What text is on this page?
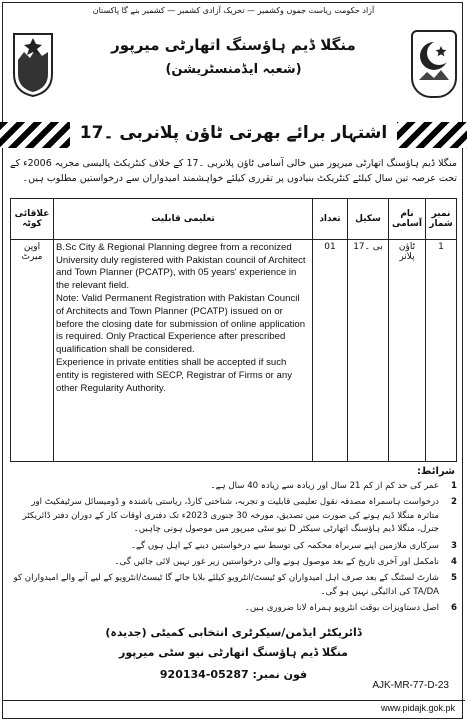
آزاد حکومت ریاست جموں وکشمیر — تحریک آزادی کشمیر — کشمیر بنے گا پاکستان
منگلا ڈیم ہاؤسنگ اتھارٹی میرپور
(شعبہ ایڈمنسٹریشن)
اشتہار برائے بھرتی ٹاؤن پلانربی ۔17
منگلا ڈیم ہاؤسنگ اتھارٹی میرپور میں خالی آسامی ٹاؤن پلانربی ۔17 کے خلاف کنٹریکٹ پالیسی مجریہ 2006ء کے تحت عرصہ تین سال کیلئے کنٹریکٹ بنیادوں پر تقرری کیلئے خواہشمند امیدواران سے درخواستیں مطلوب ہیں۔
علاقائی کوٹہ	تعلیمی قابلیت	تعداد	سکیل	نام آسامی	نمبر شمار
اوپن میرٹ	B.Sc City & Regional Planning degree from a reconized University duly registered with Pakistan council of Architect and Town Planner (PCATP), with 05 years' experience in the relevant field.

Note: Valid Permanent Registration with Pakistan Council of Architects and Town Planner (PCATP) issued on or before the closing date for submission of online application is required. Only Practical Experience after prescribed qualification shall be considered.

Experience in private entities shall be accepted if such entity is registered with SECP, Registrar of Firms or any other Regularity Authority.	01	بی ۔17	ٹاؤن پلانر	1
شرائط:
1
عمر کی حد کم از کم 21 سال اور زیادہ سے زیادہ 40 سال ہے۔
2
درخواست ہاسمراہ مصدقہ نقول تعلیمی قابلیت و تجربہ، شناختی کارڈ، ریاستی باشندہ و ڈومیسائل سرٹیفکیٹ اور متاثرہ منگلا ڈیم ہونے کی صورت میں تصدیق، مورخہ 30 جنوری 2023ء تک دفتری اوقات کار کے دوران دفتر ڈائریکٹر جنرل، منگلا ڈیم ہاؤسنگ اتھارٹی سیکٹر D نیو سٹی میرپور میں موصول ہونی چاہیں۔
3
سرکاری ملازمین اپنے سربراہ محکمہ کی توسط سے درخواستیں دینے کے اہل ہوں گے۔
4
نامکمل اور آخری تاریخ کے بعد موصول ہونے والی درخواستیں زیر غور نہیں لائی جائیں گی۔
5
شارٹ لسٹنگ کے بعد صرف اہل امیدواران کو ٹیسٹ/انٹرویو کیلئے بلایا جائے گا ٹیسٹ/انٹرویو کے لیے آنے والے امیدواران کو TA/DA کی ادائیگی نہیں ہو گی۔
6
اصل دستاویزات بوقت انٹرویو ہمراہ لانا ضروری ہیں۔
ڈائریکٹر ایڈمن/سیکرٹری انتخابی کمیٹی (جدیدہ)
منگلا ڈیم ہاؤسنگ اتھارٹی نیو سٹی میرپور
فون نمبر: 05287-920134
AJK-MR-77-D-23
www.pidajk.gok.pk
